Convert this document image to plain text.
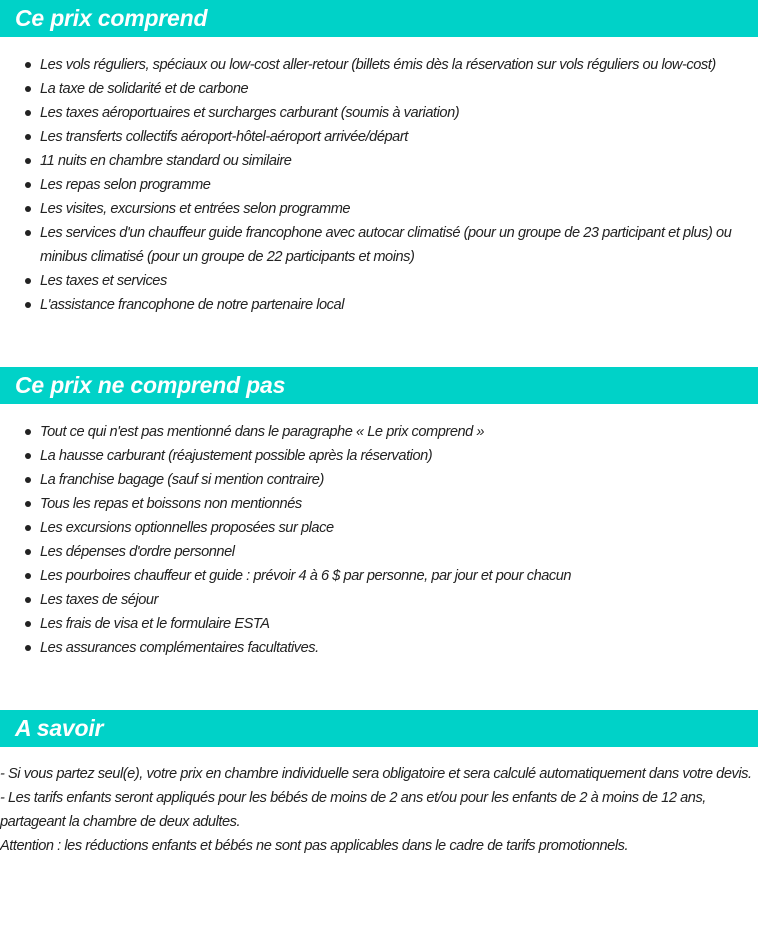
Ce prix comprend
Les vols réguliers, spéciaux ou low-cost aller-retour (billets émis dès la réservation sur vols réguliers ou low-cost)
La taxe de solidarité et de carbone
Les taxes aéroportuaires et surcharges carburant (soumis à variation)
Les transferts collectifs aéroport-hôtel-aéroport arrivée/départ
11 nuits en chambre standard ou similaire
Les repas selon programme
Les visites, excursions et entrées selon programme
Les services d'un chauffeur guide francophone avec autocar climatisé (pour un groupe de 23 participant et plus) ou minibus climatisé (pour un groupe de 22 participants et moins)
Les taxes et services
L'assistance francophone de notre partenaire local
Ce prix ne comprend pas
Tout ce qui n'est pas mentionné dans le paragraphe « Le prix comprend »
La hausse carburant (réajustement possible après la réservation)
La franchise bagage (sauf si mention contraire)
Tous les repas et boissons non mentionnés
Les excursions optionnelles proposées sur place
Les dépenses d'ordre personnel
Les pourboires chauffeur et guide : prévoir 4 à 6 $ par personne, par jour et pour chacun
Les taxes de séjour
Les frais de visa et le formulaire ESTA
Les assurances complémentaires facultatives.
A savoir

- Si vous partez seul(e), votre prix en chambre individuelle sera obligatoire et sera calculé automatiquement dans votre devis.

- Les tarifs enfants seront appliqués pour les bébés de moins de 2 ans et/ou pour les enfants de 2 à moins de 12 ans, partageant la chambre de deux adultes.

Attention : les réductions enfants et bébés ne sont pas applicables dans le cadre de tarifs promotionnels.
